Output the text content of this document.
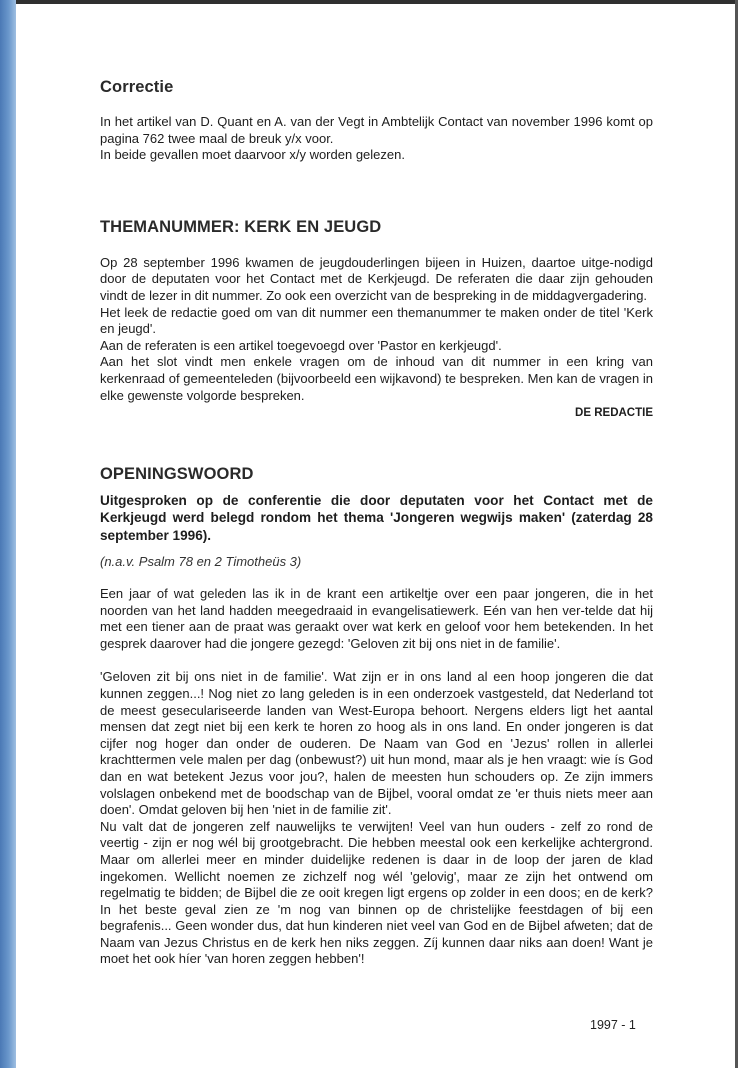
Correctie

In het artikel van D. Quant en A. van der Vegt in Ambtelijk Contact van november 1996 komt op pagina 762 twee maal de breuk y/x voor.

In beide gevallen moet daarvoor x/y worden gelezen.

THEMANUMMER: KERK EN JEUGD

Op 28 september 1996 kwamen de jeugdouderlingen bijeen in Huizen, daartoe uitge-nodigd door de deputaten voor het Contact met de Kerkjeugd. De referaten die daar zijn gehouden vindt de lezer in dit nummer. Zo ook een overzicht van de bespreking in de middagvergadering.

Het leek de redactie goed om van dit nummer een themanummer te maken onder de titel 'Kerk en jeugd'.

Aan de referaten is een artikel toegevoegd over 'Pastor en kerkjeugd'.

Aan het slot vindt men enkele vragen om de inhoud van dit nummer in een kring van kerkenraad of gemeenteleden (bijvoorbeeld een wijkavond) te bespreken. Men kan de vragen in elke gewenste volgorde bespreken.

DE REDACTIE
OPENINGSWOORD

Uitgesproken op de conferentie die door deputaten voor het Contact met de Kerkjeugd werd belegd rondom het thema 'Jongeren wegwijs maken' (zaterdag 28 september 1996).

(n.a.v. Psalm 78 en 2 Timotheüs 3)

Een jaar of wat geleden las ik in de krant een artikeltje over een paar jongeren, die in het noorden van het land hadden meegedraaid in evangelisatiewerk. Eén van hen ver-telde dat hij met een tiener aan de praat was geraakt over wat kerk en geloof voor hem betekenden. In het gesprek daarover had die jongere gezegd: 'Geloven zit bij ons niet in de familie'.

'Geloven zit bij ons niet in de familie'. Wat zijn er in ons land al een hoop jongeren die dat kunnen zeggen...! Nog niet zo lang geleden is in een onderzoek vastgesteld, dat Nederland tot de meest geseculariseerde landen van West-Europa behoort. Nergens elders ligt het aantal mensen dat zegt niet bij een kerk te horen zo hoog als in ons land. En onder jongeren is dat cijfer nog hoger dan onder de ouderen. De Naam van God en 'Jezus' rollen in allerlei krachttermen vele malen per dag (onbewust?) uit hun mond, maar als je hen vraagt: wie ís God dan en wat betekent Jezus voor jou?, halen de meesten hun schouders op. Ze zijn immers volslagen onbekend met de boodschap van de Bijbel, vooral omdat ze 'er thuis niets meer aan doen'. Omdat geloven bij hen 'niet in de familie zit'.

Nu valt dat de jongeren zelf nauwelijks te verwijten! Veel van hun ouders - zelf zo rond de veertig - zijn er nog wél bij grootgebracht. Die hebben meestal ook een kerkelijke achtergrond. Maar om allerlei meer en minder duidelijke redenen is daar in de loop der jaren de klad ingekomen. Wellicht noemen ze zichzelf nog wél 'gelovig', maar ze zijn het ontwend om regelmatig te bidden; de Bijbel die ze ooit kregen ligt ergens op zolder in een doos; en de kerk? In het beste geval zien ze 'm nog van binnen op de christelijke feestdagen of bij een begrafenis... Geen wonder dus, dat hun kinderen niet veel van God en de Bijbel afweten; dat de Naam van Jezus Christus en de kerk hen niks zeggen. Zíj kunnen daar niks aan doen! Want je moet het ook híer 'van horen zeggen hebben'!

1997 - 1
